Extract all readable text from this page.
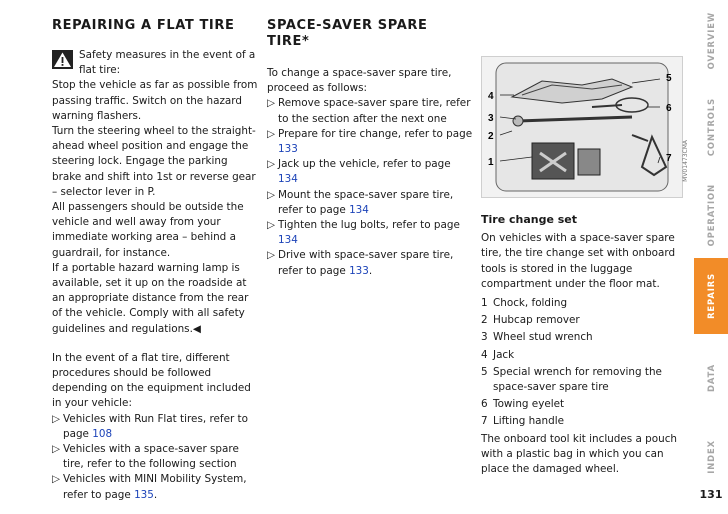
REPAIRING A FLAT TIRE

Safety measures in the event of a flat tire:

Stop the vehicle as far as possible from passing traffic. Switch on the hazard warning flashers.

Turn the steering wheel to the straight-ahead wheel position and engage the steering lock. Engage the parking brake and shift into 1st or reverse gear – selector lever in P.

All passengers should be outside the vehicle and well away from your immediate working area – behind a guardrail, for instance.

If a portable hazard warning lamp is available, set it up on the roadside at an appropriate distance from the rear of the vehicle. Comply with all safety guidelines and regulations.◀

In the event of a flat tire, different procedures should be followed depending on the equipment included in your vehicle:

▷ Vehicles with Run Flat tires, refer to page 108

▷ Vehicles with a space-saver spare tire, refer to the following section

▷ Vehicles with MINI Mobility System, refer to page 135.

SPACE-SAVER SPARE TIRE*

To change a space-saver spare tire, proceed as follows:

▷ Remove space-saver spare tire, refer to the section after the next one

▷ Prepare for tire change, refer to page 133

▷ Jack up the vehicle, refer to page 134

▷ Mount the space-saver spare tire, refer to page 134

▷ Tighten the lug bolts, refer to page 134

▷ Drive with space-saver spare tire, refer to page 133.

4
3
2
1
5
6
7 MV01473CMA
Tire change set

On vehicles with a space-saver spare tire, the tire change set with onboard tools is stored in the luggage compartment under the floor mat.

1 Chock, folding
2 Hubcap remover
3 Wheel stud wrench
4 Jack
5 Special wrench for removing the space-saver spare tire
6 Towing eyelet
7 Lifting handle

The onboard tool kit includes a pouch with a plastic bag in which you can place the damaged wheel.

OVERVIEW
CONTROLS
OPERATION
REPAIRS
DATA
INDEX
131
